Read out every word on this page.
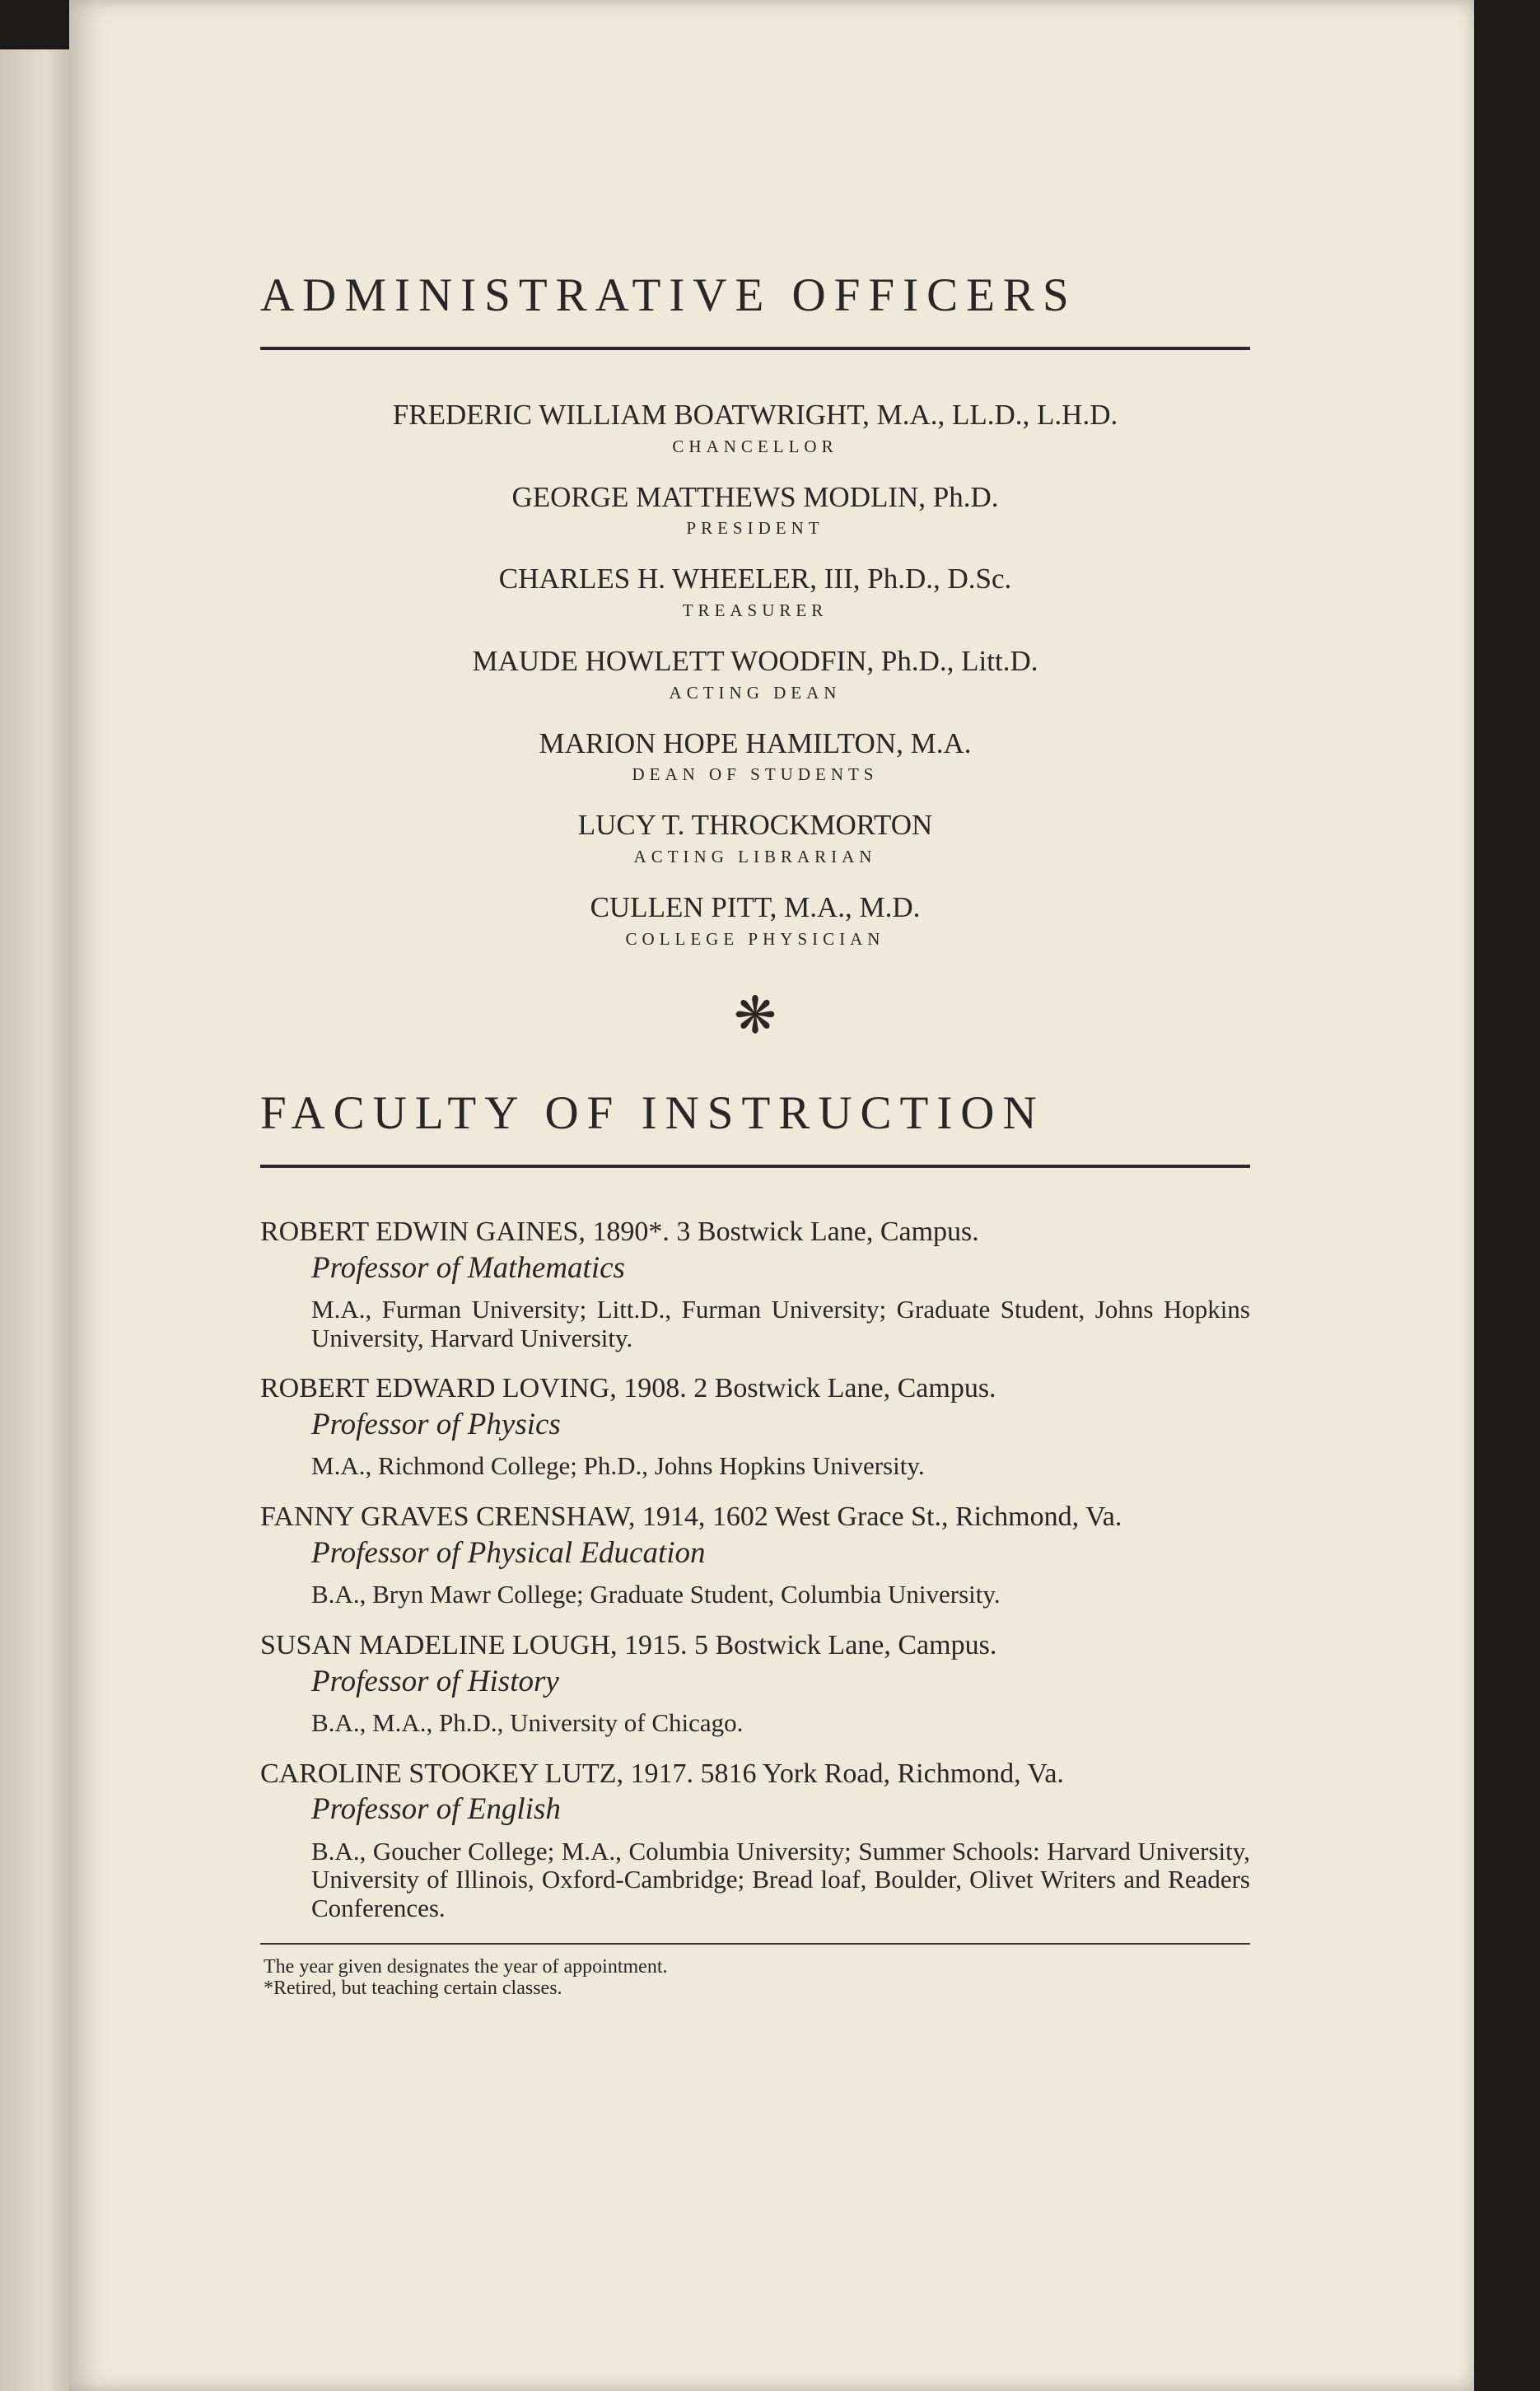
ADMINISTRATIVE OFFICERS
FREDERIC WILLIAM BOATWRIGHT, M.A., LL.D., L.H.D.
CHANCELLOR
GEORGE MATTHEWS MODLIN, Ph.D.
PRESIDENT
CHARLES H. WHEELER, III, Ph.D., D.Sc.
TREASURER
MAUDE HOWLETT WOODFIN, Ph.D., Litt.D.
ACTING DEAN
MARION HOPE HAMILTON, M.A.
DEAN OF STUDENTS
LUCY T. THROCKMORTON
ACTING LIBRARIAN
CULLEN PITT, M.A., M.D.
COLLEGE PHYSICIAN
❋
FACULTY OF INSTRUCTION
ROBERT EDWIN GAINES, 1890*. 3 Bostwick Lane, Campus.
Professor of Mathematics
M.A., Furman University; Litt.D., Furman University; Graduate Student, Johns Hopkins University, Harvard University.
ROBERT EDWARD LOVING, 1908. 2 Bostwick Lane, Campus.
Professor of Physics
M.A., Richmond College; Ph.D., Johns Hopkins University.
FANNY GRAVES CRENSHAW, 1914, 1602 West Grace St., Richmond, Va.
Professor of Physical Education
B.A., Bryn Mawr College; Graduate Student, Columbia University.
SUSAN MADELINE LOUGH, 1915. 5 Bostwick Lane, Campus.
Professor of History
B.A., M.A., Ph.D., University of Chicago.
CAROLINE STOOKEY LUTZ, 1917. 5816 York Road, Richmond, Va.
Professor of English
B.A., Goucher College; M.A., Columbia University; Summer Schools: Harvard University, University of Illinois, Oxford-Cambridge; Bread loaf, Boulder, Olivet Writers and Readers Conferences.
The year given designates the year of appointment.
*Retired, but teaching certain classes.
